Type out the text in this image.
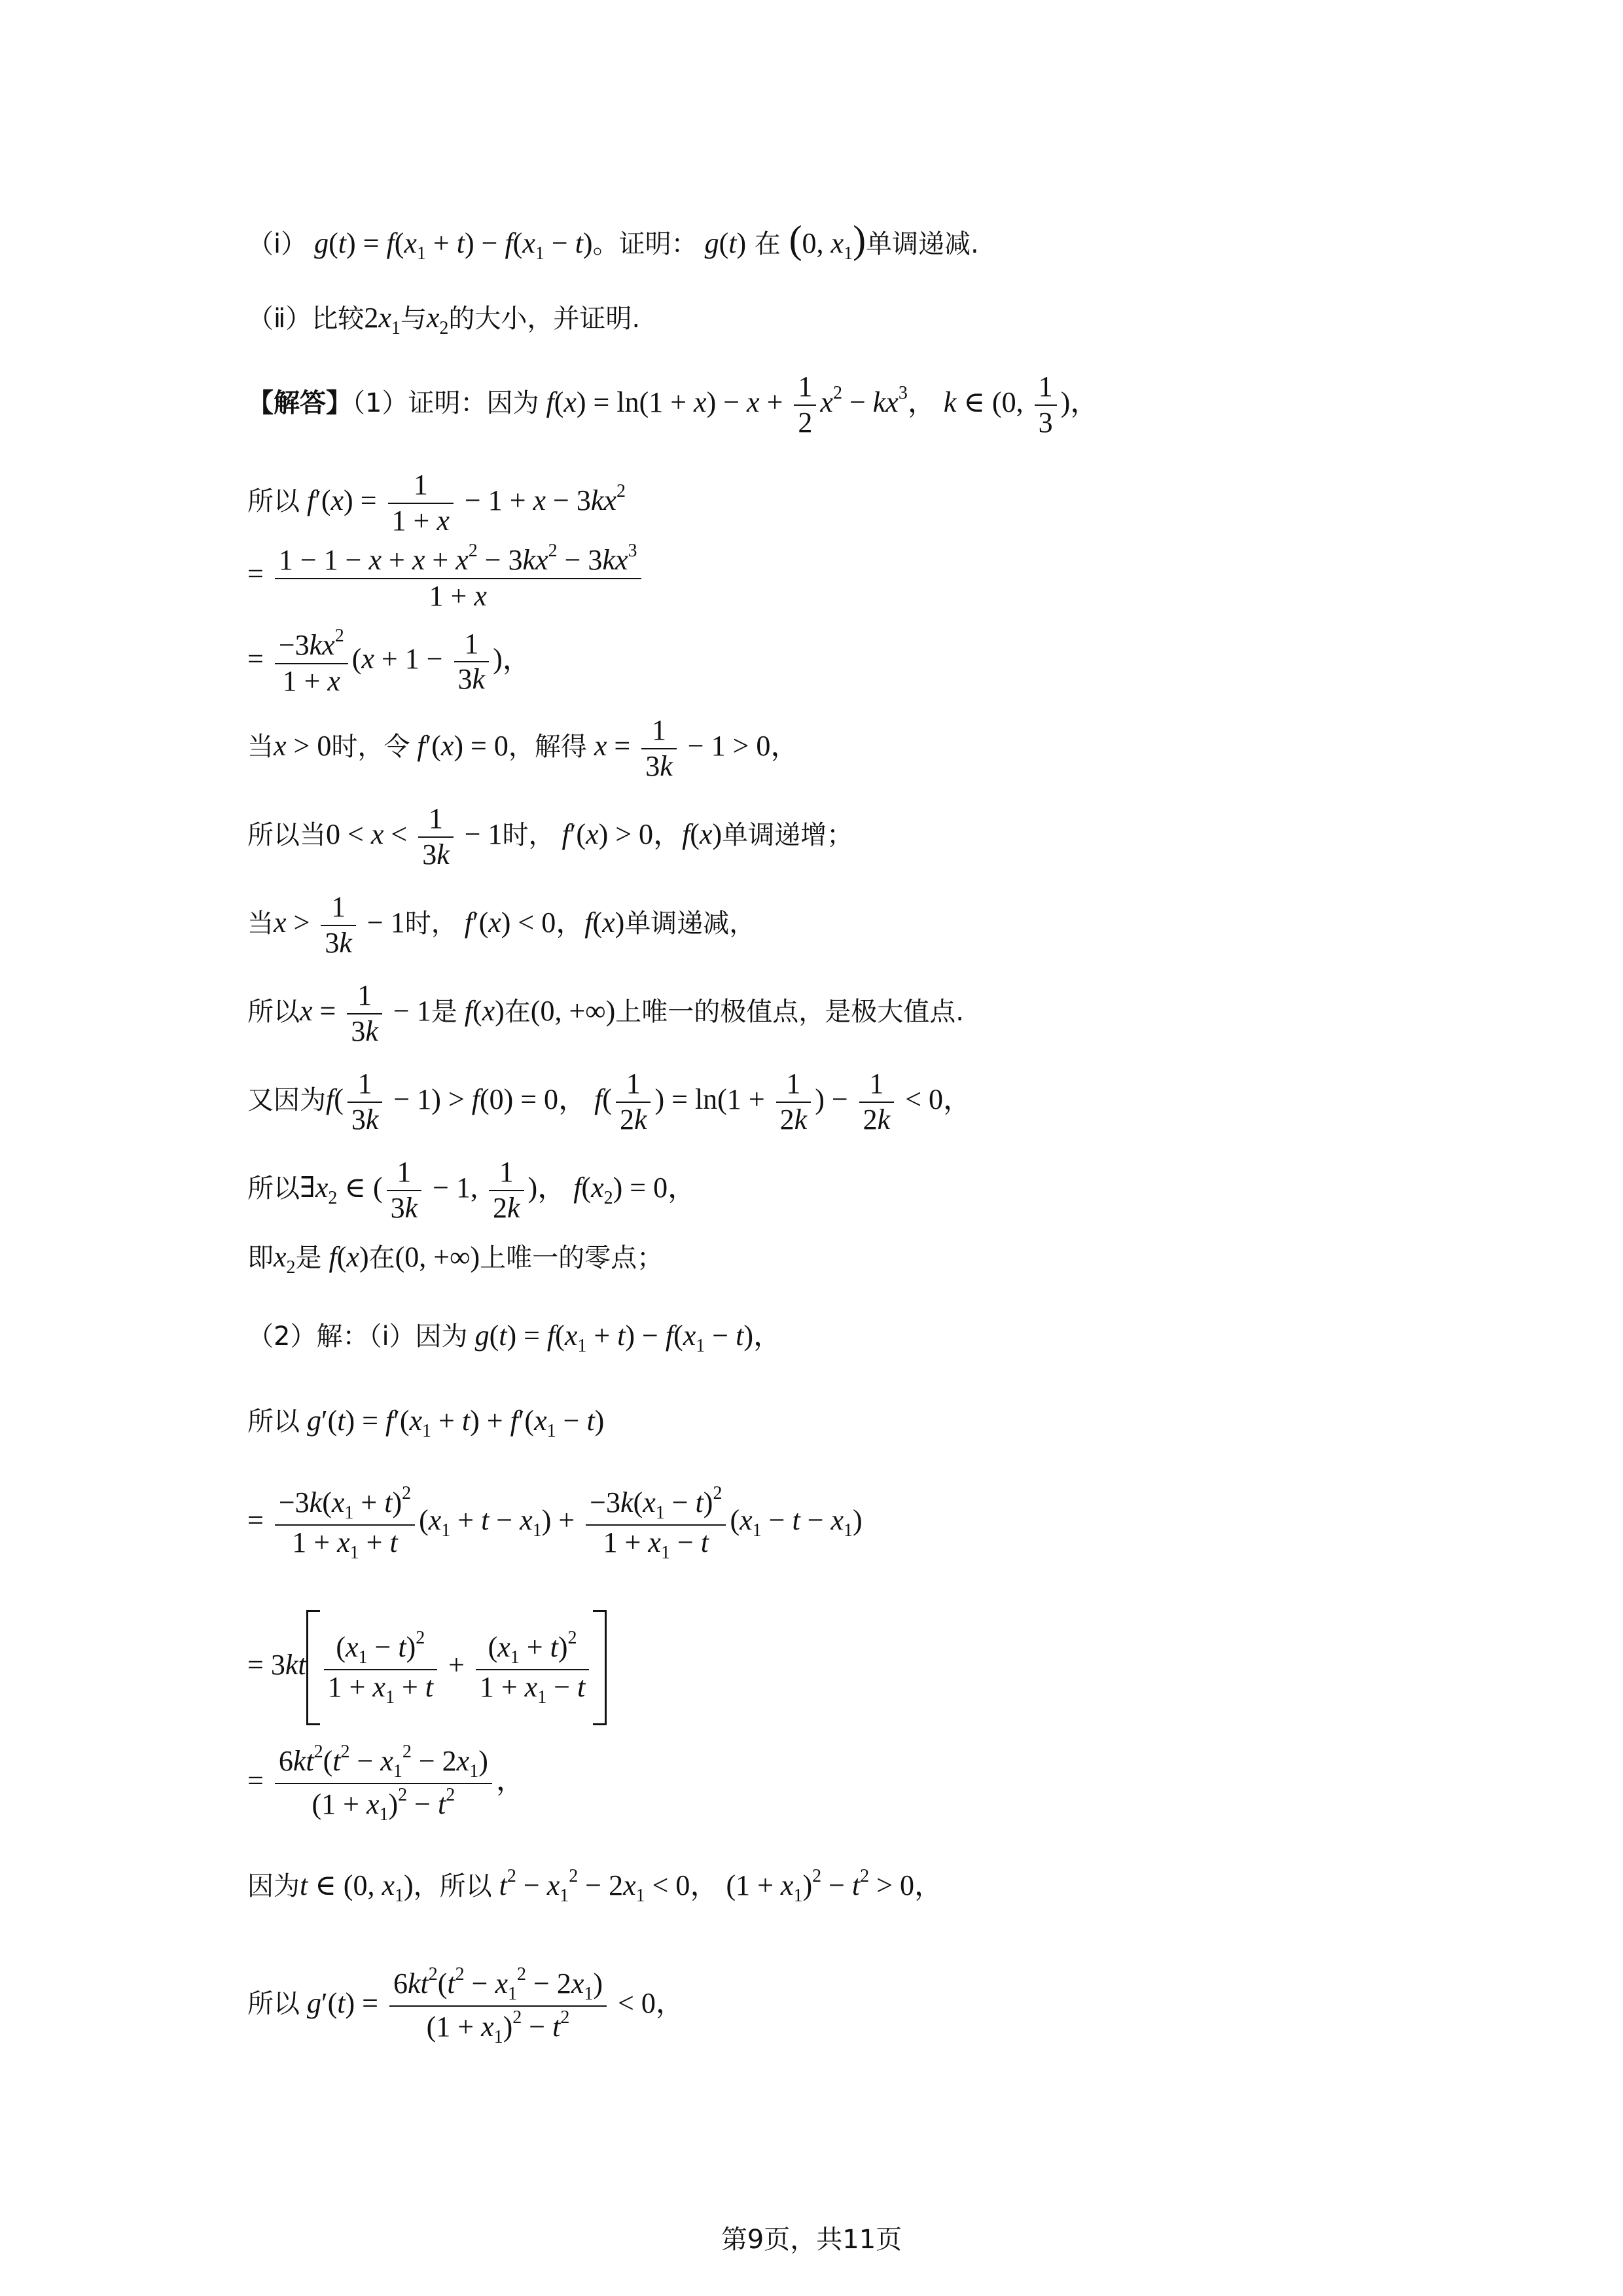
（ⅰ） $g(t) = f(x_1 + t) - f(x_1 - t)$。证明： g(t) 在 (0, $x_1$)单调递减.
（ⅱ）比较$2x_1$与$x_2$的大小，并证明.
【解答】（1）证明：因为 $f(x) = \ln(1 + x) - x + \frac{1}{2} x^2 - kx^3$， k ∈ (0, $\frac{1}{3}$ )，
所以 $f'(x) = \frac{1}{1 + x} - 1 + x - 3kx^2$
= $\frac{1 - 1 - x + x + x^2 - 3kx^2 - 3kx^3}{1 + x}$
= $\frac{-3kx^2}{1 + x} (x + 1 - \frac{1}{3k}$ )，
当x > 0时，令 f′(x) = 0，解得 $x = \frac{1}{3k} - 1 > 0$，
所以当$0 < x < \frac{1}{3k} - 1$时， f′(x) > 0，f(x)单调递增；
当$x > \frac{1}{3k} - 1$时， f′(x) < 0，f(x)单调递减，
所以$x = \frac{1}{3k} - 1$是 f(x)在(0, +∞)上唯一的极值点，是极大值点.
又因为$f( \frac{1}{3k} - 1) > f(0) = 0$， $f( \frac{1}{2k}$ ) = $\ln(1 + \frac{1}{2k}$ ) − $\frac{1}{2k} < 0$，
所以$\exists x_2$ ∈ ( $\frac{1}{3k} - 1$, $\frac{1}{2k}$ )， $f(x_2) = 0$，
即$x_2$是 f(x)在(0, +∞)上唯一的零点；
（2）解：（i）因为 $g(t) = f(x_1 + t) - f(x_1 - t)$，
所以 $g'(t) = f'(x_1 + t) + f'(x_1 - t)$
= $\frac{-3k(x_1 + t)^2}{1 + x_1 + t} (x_1 + t - x_1) + \frac{-3k(x_1 - t)^2}{1 + x_1 - t} (x_1 - t - x_1)$
= $3kt \frac{(x_1 - t)^2}{1 + x_1 + t} + \frac{(x_1 + t)^2}{1 + x_1 - t}$
= $\frac{6kt^2(t^2 - x_1^2 - 2x_1)}{(1 + x_1)^2 - t^2}$ ，
因为t ∈ (0, $x_1$)，所以 $t^2 - x_1^2 - 2x_1 < 0$， $(1 + x_1)^2 - t^2 > 0$，
所以 $g'(t) = \frac{6kt^2(t^2 - x_1^2 - 2x_1)}{(1 + x_1)^2 - t^2} < 0$，
第9页，共11页
